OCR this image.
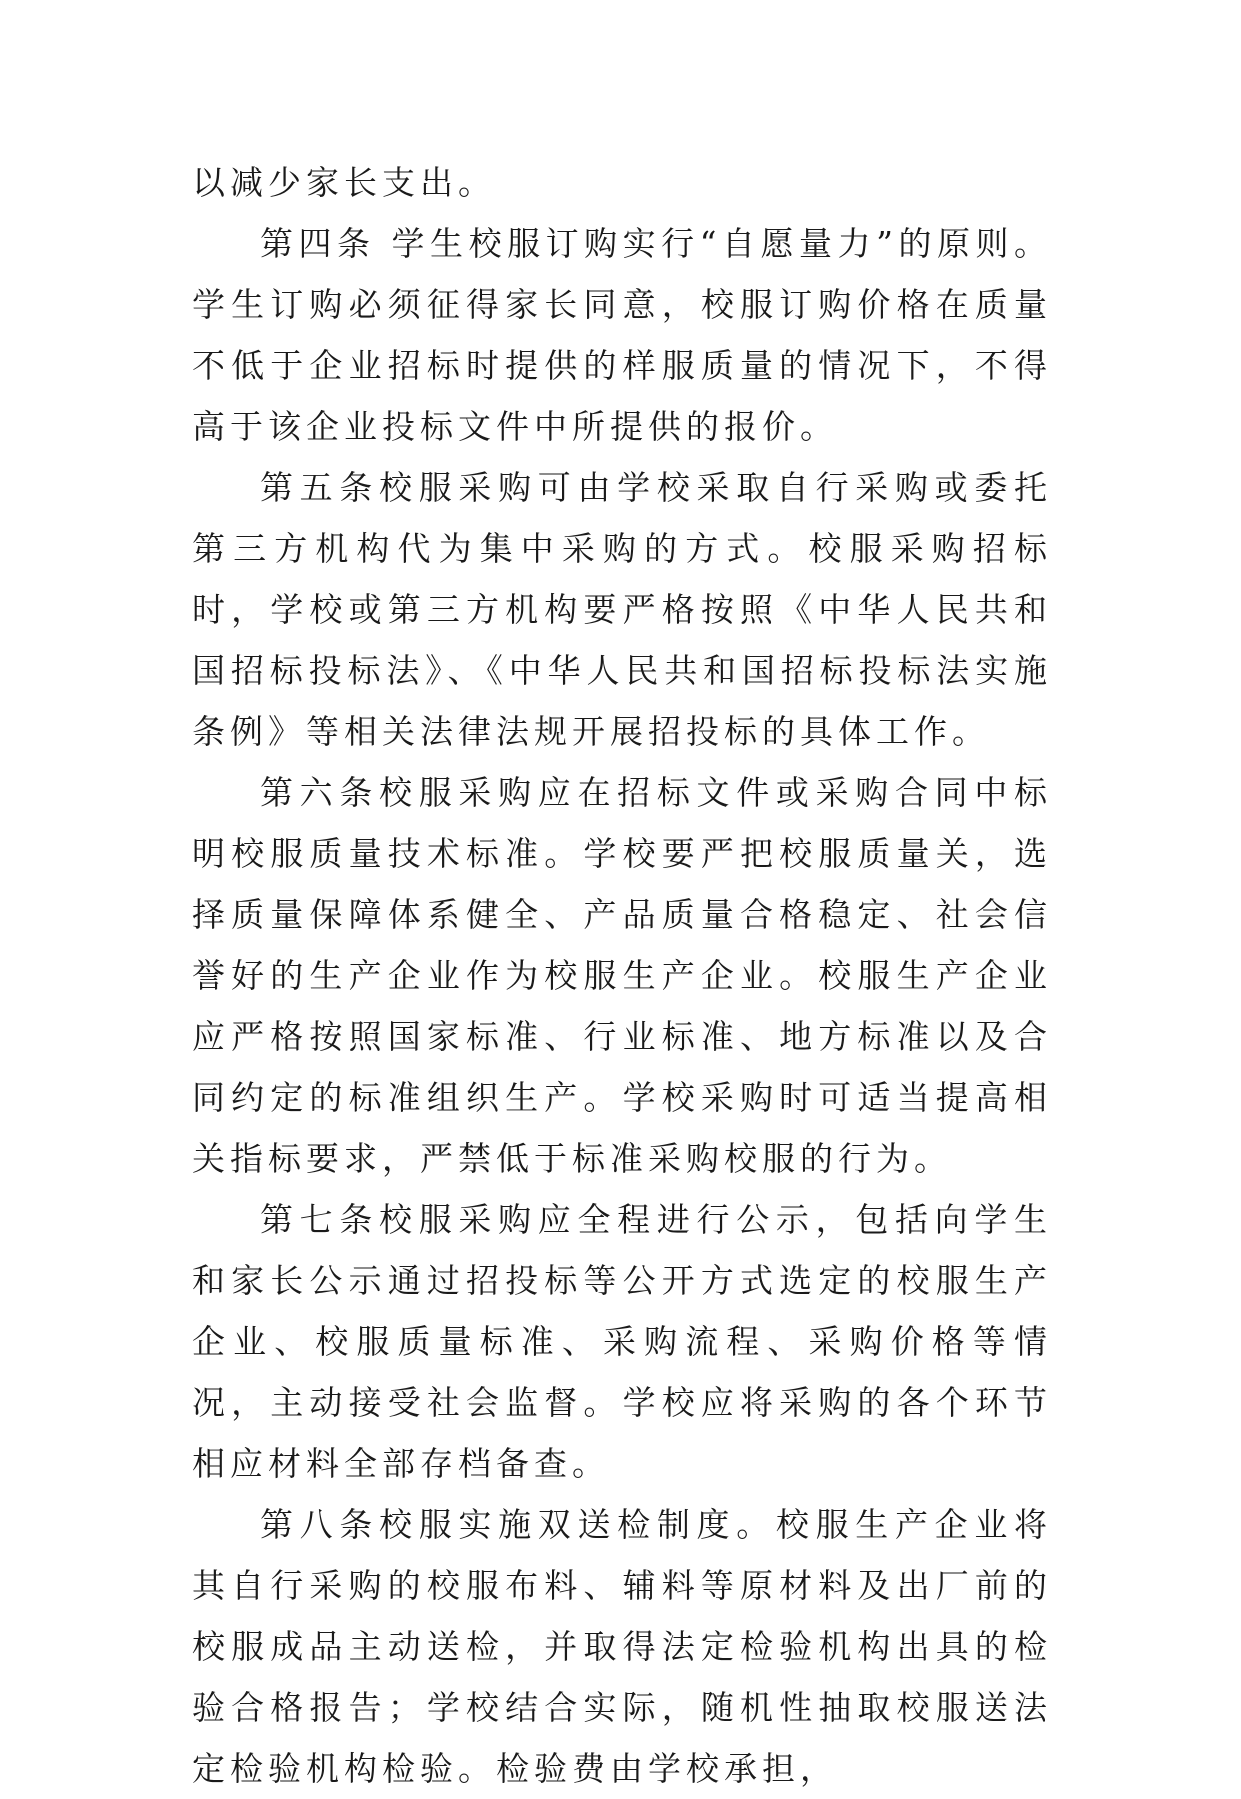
以减少家长支出。

第四条 学生校服订购实行“自愿量力”的原则。学生订购必须征得家长同意，校服订购价格在质量不低于企业招标时提供的样服质量的情况下，不得高于该企业投标文件中所提供的报价。

第五条校服采购可由学校采取自行采购或委托第三方机构代为集中采购的方式。校服采购招标时，学校或第三方机构要严格按照《中华人民共和国招标投标法》、《中华人民共和国招标投标法实施条例》等相关法律法规开展招投标的具体工作。

第六条校服采购应在招标文件或采购合同中标明校服质量技术标准。学校要严把校服质量关，选择质量保障体系健全、产品质量合格稳定、社会信誉好的生产企业作为校服生产企业。校服生产企业应严格按照国家标准、行业标准、地方标准以及合同约定的标准组织生产。学校采购时可适当提高相关指标要求，严禁低于标准采购校服的行为。

第七条校服采购应全程进行公示，包括向学生和家长公示通过招投标等公开方式选定的校服生产企业、校服质量标准、采购流程、采购价格等情况，主动接受社会监督。学校应将采购的各个环节相应材料全部存档备查。

第八条校服实施双送检制度。校服生产企业将其自行采购的校服布料、辅料等原材料及出厂前的校服成品主动送检，并取得法定检验机构出具的检验合格报告；学校结合实际，随机性抽取校服送法定检验机构检验。检验费由学校承担，
